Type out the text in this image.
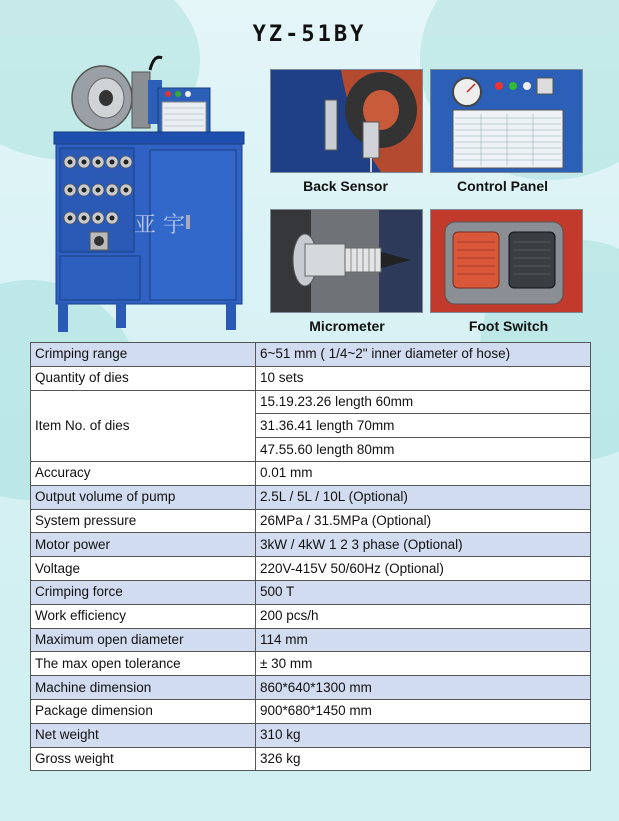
YZ-51BY
亚 宇
Back Sensor	Control Panel
Micrometer	Foot Switch
Crimping range	6~51 mm ( 1/4~2" inner diameter of hose)
Quantity of dies	10 sets
Item No. of dies	15.19.23.26 length 60mm
	31.36.41 length 70mm
	47.55.60 length 80mm
Accuracy	0.01 mm
Output volume of pump	2.5L / 5L / 10L (Optional)
System pressure	26MPa / 31.5MPa (Optional)
Motor power	3kW / 4kW 1 2 3 phase (Optional)
Voltage	220V-415V 50/60Hz (Optional)
Crimping force	500 T
Work efficiency	200 pcs/h
Maximum open diameter	114 mm
The max open tolerance	± 30 mm
Machine dimension	860*640*1300 mm
Package dimension	900*680*1450 mm
Net weight	310 kg
Gross weight	326 kg
